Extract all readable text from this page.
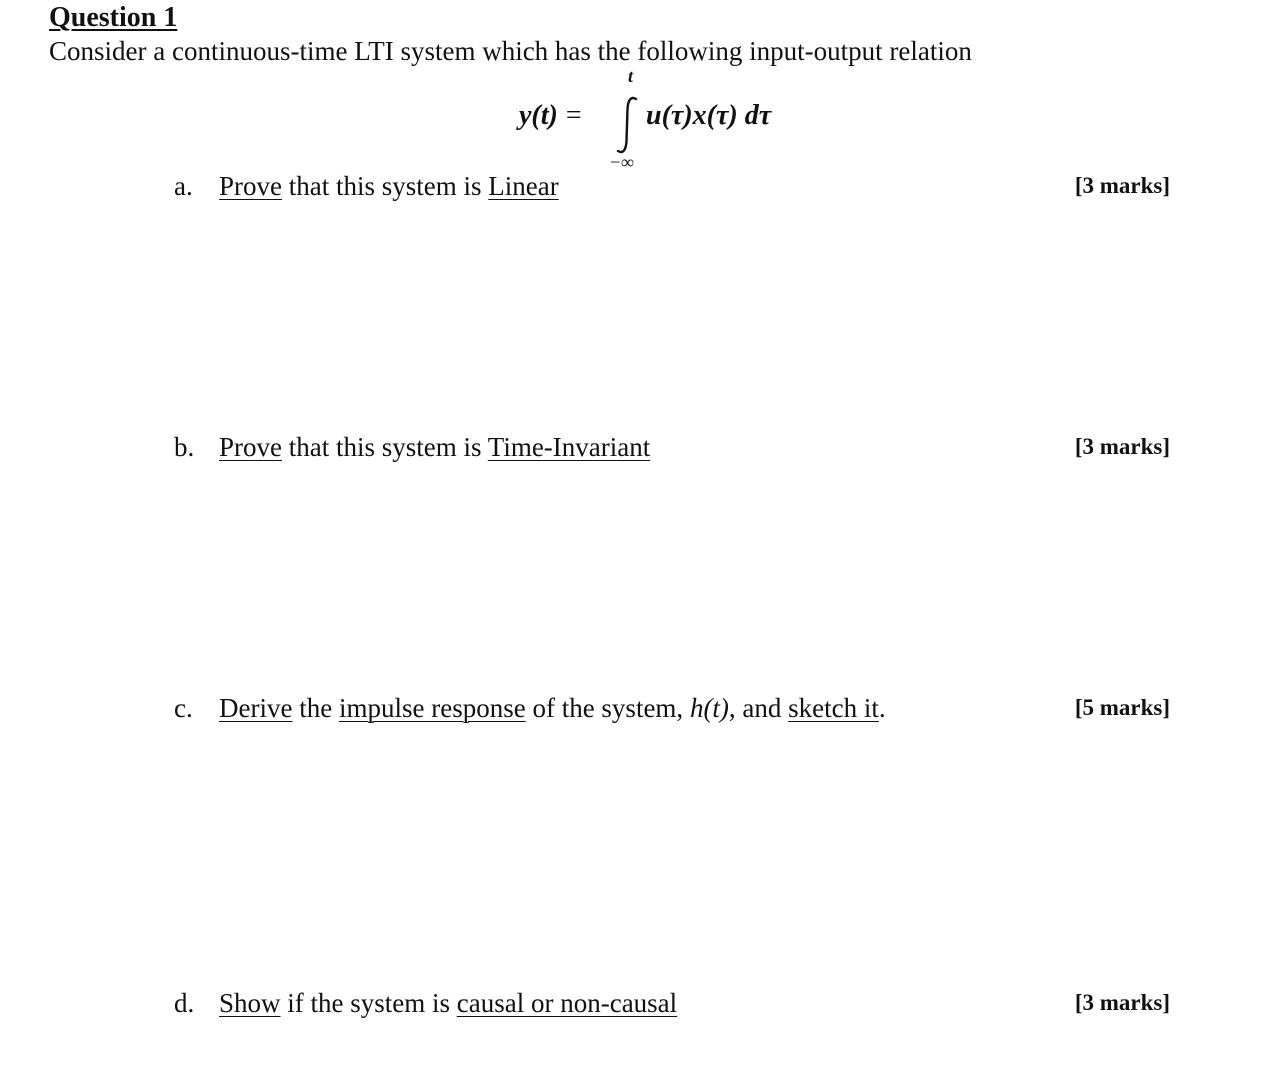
Question 1
Consider a continuous-time LTI system which has the following input-output relation
y(t) =
t
−∞
u(τ)x(τ) dτ
a. Prove that this system is Linear	[3 marks]
b. Prove that this system is Time-Invariant	[3 marks]
c. Derive the impulse response of the system, h(t), and sketch it.	[5 marks]
d. Show if the system is causal or non-causal	[3 marks]
